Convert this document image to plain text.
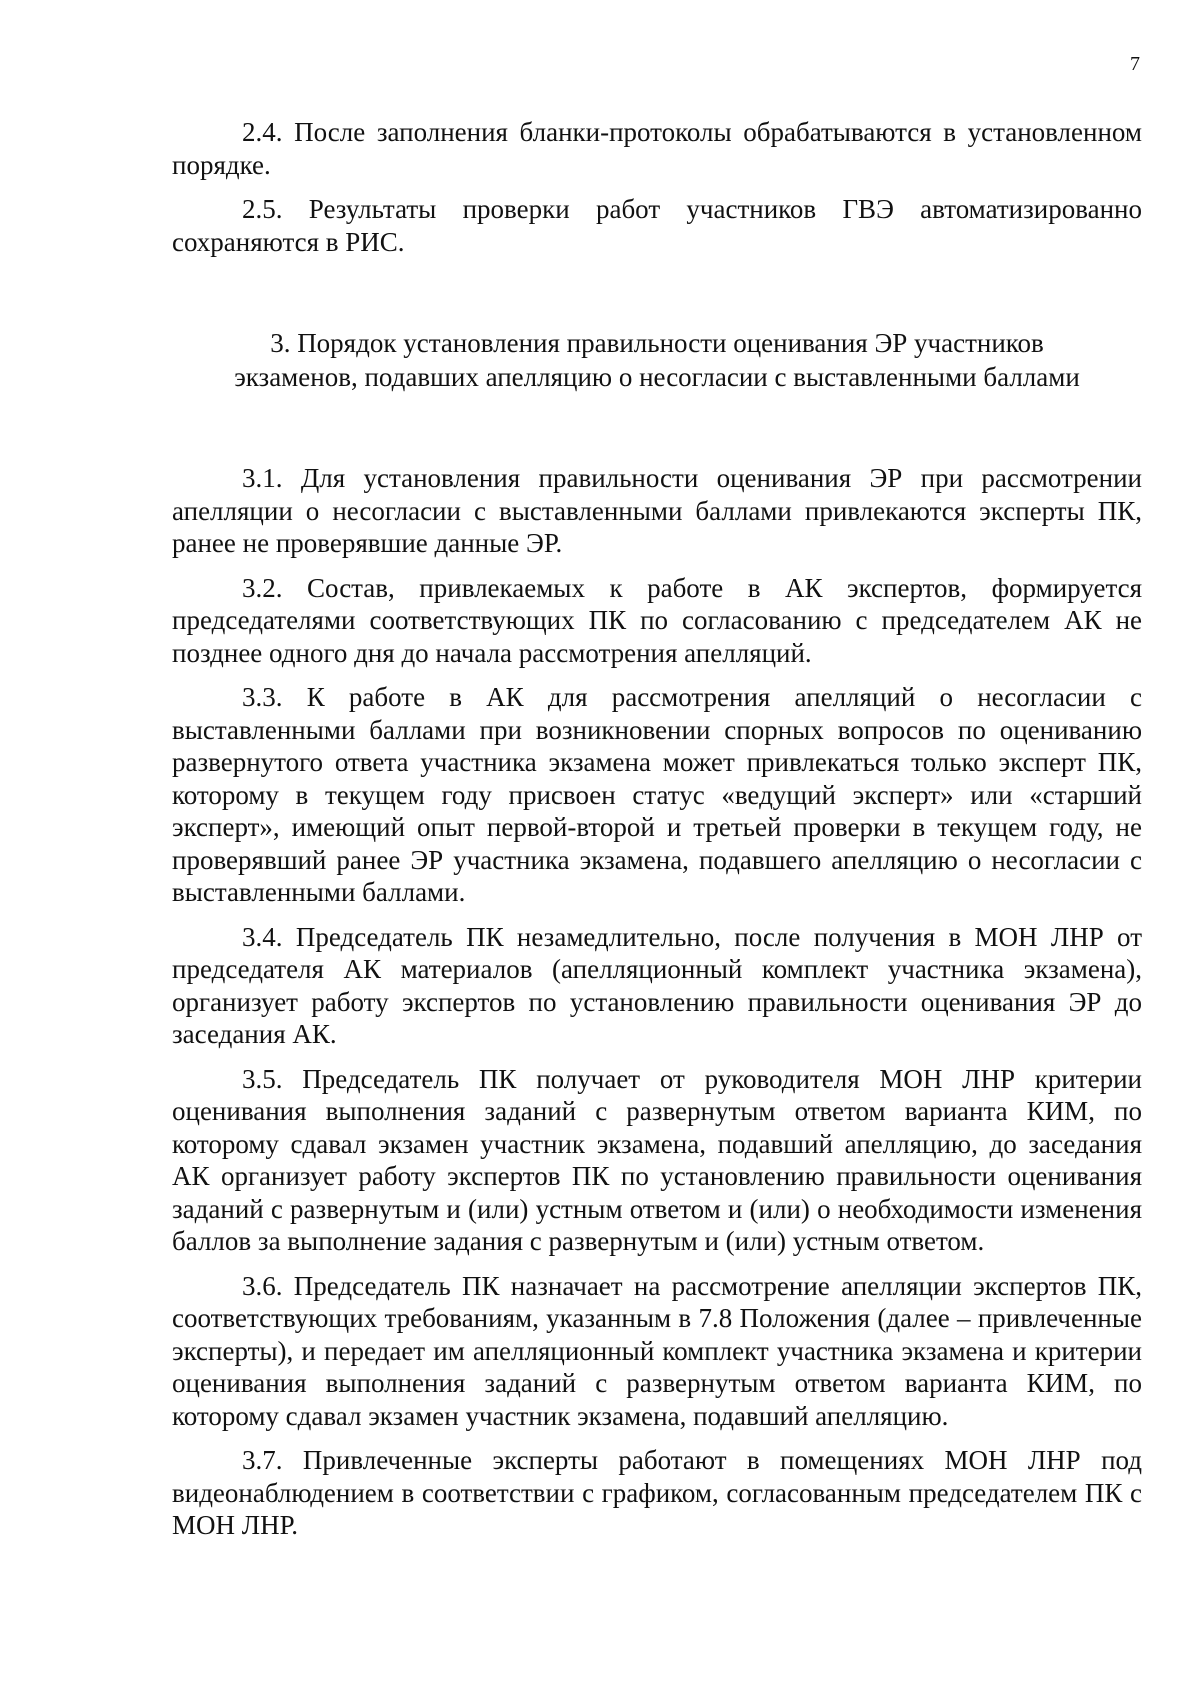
7

2.4. После заполнения бланки-протоколы обрабатываются в установленном порядке.

2.5. Результаты проверки работ участников ГВЭ автоматизированно сохраняются в РИС.

3. Порядок установления правильности оценивания ЭР участников
экзаменов, подавших апелляцию о несогласии с выставленными баллами

3.1. Для установления правильности оценивания ЭР при рассмотрении апелляции о несогласии с выставленными баллами привлекаются эксперты ПК, ранее не проверявшие данные ЭР.

3.2. Состав, привлекаемых к работе в АК экспертов, формируется председателями соответствующих ПК по согласованию с председателем АК не позднее одного дня до начала рассмотрения апелляций.

3.3. К работе в АК для рассмотрения апелляций о несогласии с выставленными баллами при возникновении спорных вопросов по оцениванию развернутого ответа участника экзамена может привлекаться только эксперт ПК, которому в текущем году присвоен статус «ведущий эксперт» или «старший эксперт», имеющий опыт первой-второй и третьей проверки в текущем году, не проверявший ранее ЭР участника экзамена, подавшего апелляцию о несогласии с выставленными баллами.

3.4. Председатель ПК незамедлительно, после получения в МОН ЛНР от председателя АК материалов (апелляционный комплект участника экзамена), организует работу экспертов по установлению правильности оценивания ЭР до заседания АК.

3.5. Председатель ПК получает от руководителя МОН ЛНР критерии оценивания выполнения заданий с развернутым ответом варианта КИМ, по которому сдавал экзамен участник экзамена, подавший апелляцию, до заседания АК организует работу экспертов ПК по установлению правильности оценивания заданий с развернутым и (или) устным ответом и (или) о необходимости изменения баллов за выполнение задания с развернутым и (или) устным ответом.

3.6. Председатель ПК назначает на рассмотрение апелляции экспертов ПК, соответствующих требованиям, указанным в 7.8 Положения (далее – привлеченные эксперты), и передает им апелляционный комплект участника экзамена и критерии оценивания выполнения заданий с развернутым ответом варианта КИМ, по которому сдавал экзамен участник экзамена, подавший апелляцию.

3.7. Привлеченные эксперты работают в помещениях МОН ЛНР под видеонаблюдением в соответствии с графиком, согласованным председателем ПК с МОН ЛНР.
